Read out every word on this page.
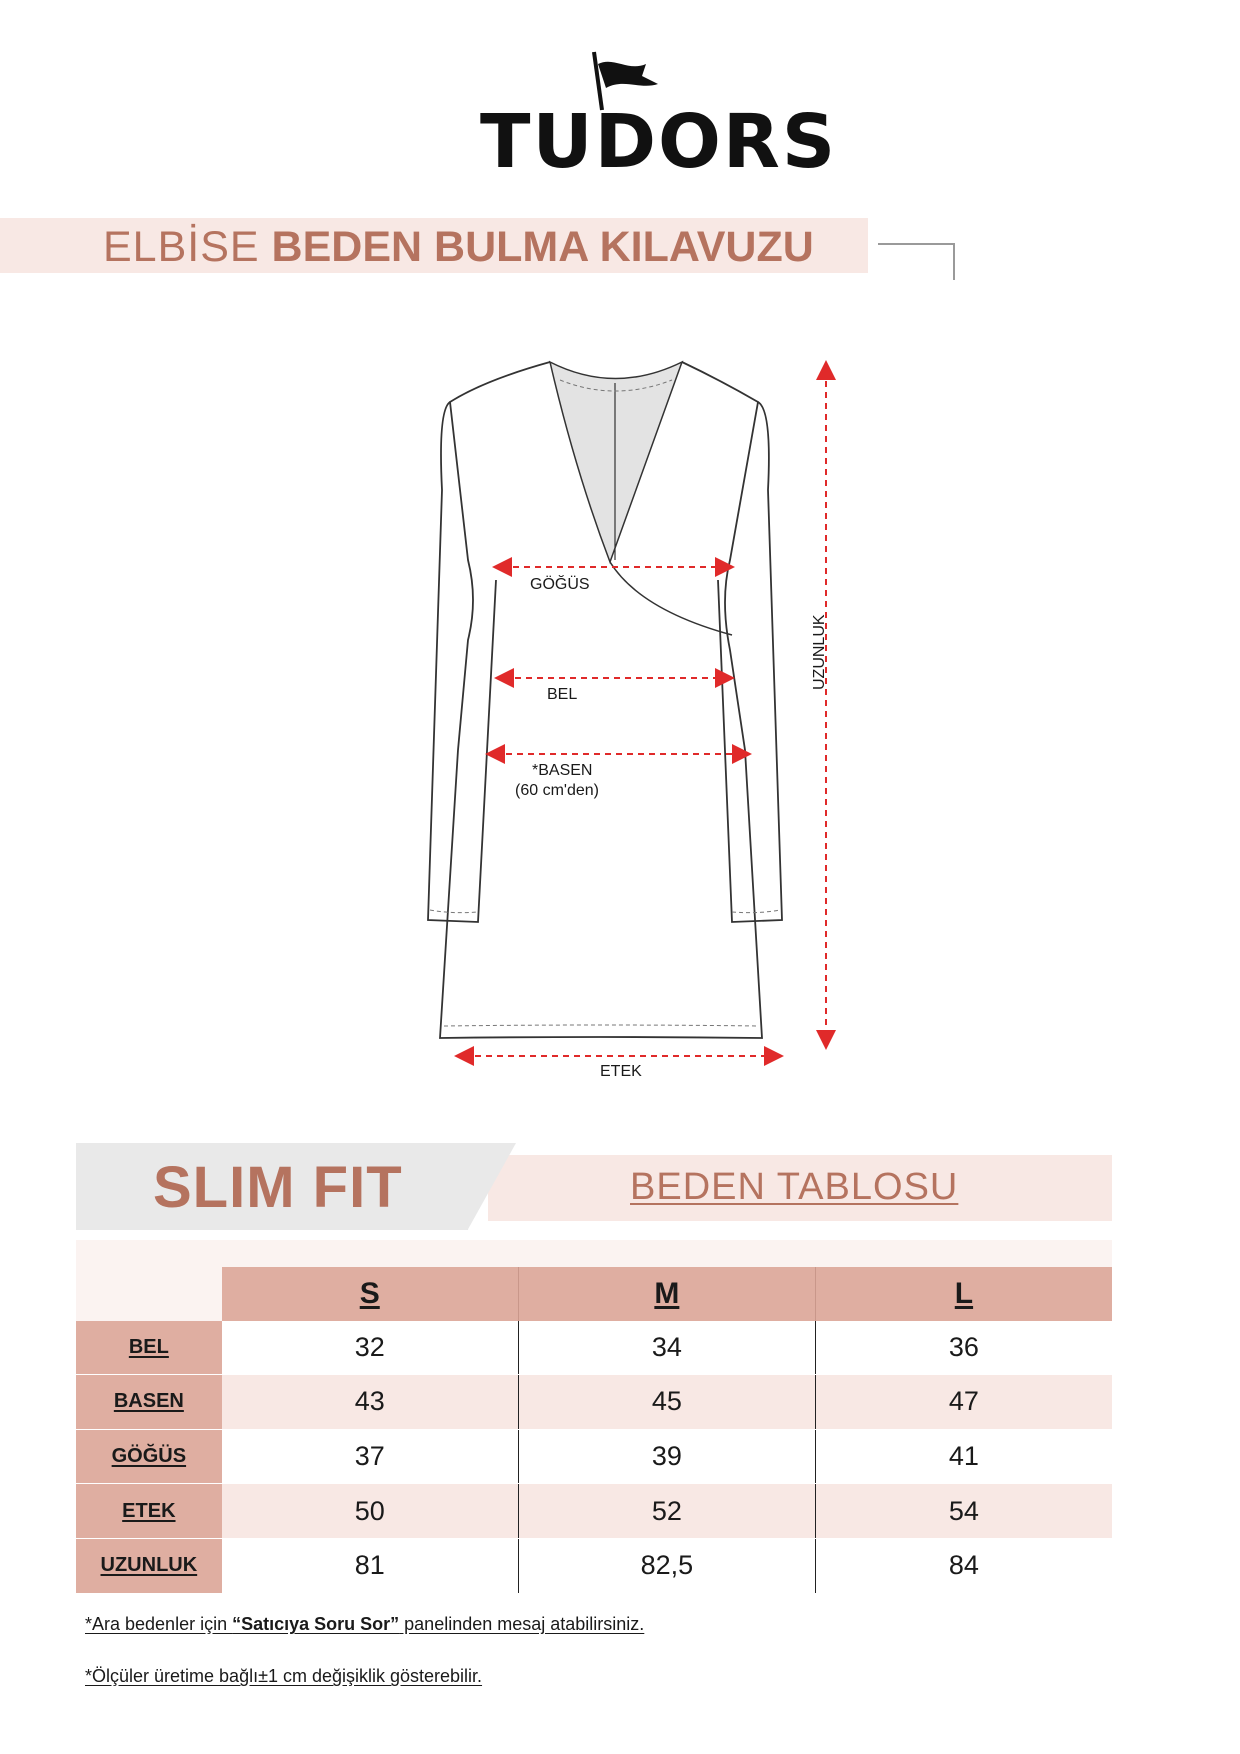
TUDORS
ELBİSE BEDEN BULMA KILAVUZU
GÖĞÜS
BEL
*BASEN
(60 cm'den)
ETEK
UZUNLUK
SLIM FIT	BEDEN TABLOSU
S	M	L
BEL	32	34	36
BASEN	43	45	47
GÖĞÜS	37	39	41
ETEK	50	52	54
UZUNLUK	81	82,5	84
*Ara bedenler için “Satıcıya Soru Sor” panelinden mesaj atabilirsiniz.
*Ölçüler üretime bağlı±1 cm değişiklik gösterebilir.
